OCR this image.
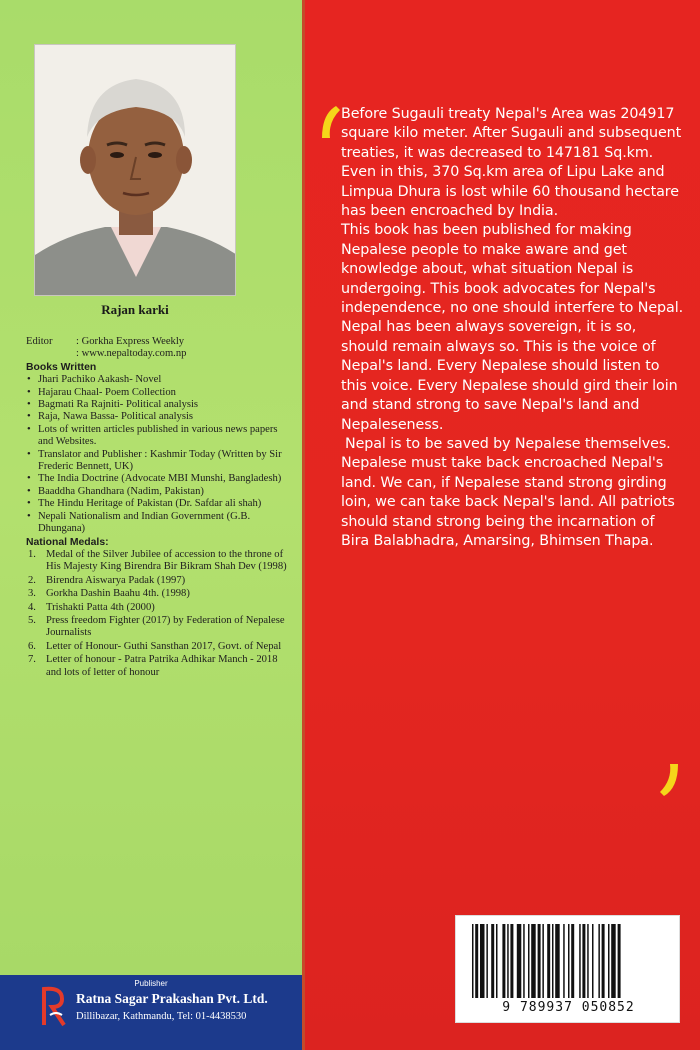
Rajan karki
Editor	: Gorkha Express Weekly
: www.nepaltoday.com.np
Books Written
• Jhari Pachiko Aakash- Novel
• Hajarau Chaal- Poem Collection
• Bagmati Ra Rajniti- Political analysis
• Raja, Nawa Bassa- Political analysis
• Lots of written articles published in various news papers and Websites.
• Translator and Publisher : Kashmir Today (Written by Sir Frederic Bennett, UK)
• The India Doctrine (Advocate MBI Munshi, Bangladesh)
• Baaddha Ghandhara (Nadim, Pakistan)
• The Hindu Heritage of Pakistan (Dr. Safdar ali shah)
• Nepali Nationalism and Indian Government (G.B. Dhungana)
National Medals:
1. Medal of the Silver Jubilee of accession to the throne of His Majesty King Birendra Bir Bikram Shah Dev (1998)
2. Birendra Aiswarya Padak (1997)
3. Gorkha Dashin Baahu 4th. (1998)
4. Trishakti Patta 4th (2000)
5. Press freedom Fighter (2017) by Federation of Nepalese Journalists
6. Letter of Honour- Guthi Sansthan 2017, Govt. of Nepal
7. Letter of honour - Patra Patrika Adhikar Manch - 2018 and lots of letter of honour
Publisher
Ratna Sagar Prakashan Pvt. Ltd.
Dillibazar, Kathmandu, Tel: 01-4438530

Before Sugauli treaty Nepal's Area was 204917 square kilo meter. After Sugauli and subsequent treaties, it was decreased to 147181 Sq.km. Even in this, 370 Sq.km area of Lipu Lake and Limpua Dhura is lost while 60 thousand hectare has been encroached by India.

This book has been published for making Nepalese people to make aware and get knowledge about, what situation Nepal is undergoing. This book advocates for Nepal's independence, no one should interfere to Nepal. Nepal has been always sovereign, it is so, should remain always so. This is the voice of Nepal's land. Every Nepalese should listen to this voice. Every Nepalese should gird their loin and stand strong to save Nepal's land and Nepaleseness.

Nepal is to be saved by Nepalese themselves. Nepalese must take back encroached Nepal's land. We can, if Nepalese stand strong girding loin, we can take back Nepal's land. All patriots should stand strong being the incarnation of Bira Balabhadra, Amarsing, Bhimsen Thapa.

9 789937 050852
